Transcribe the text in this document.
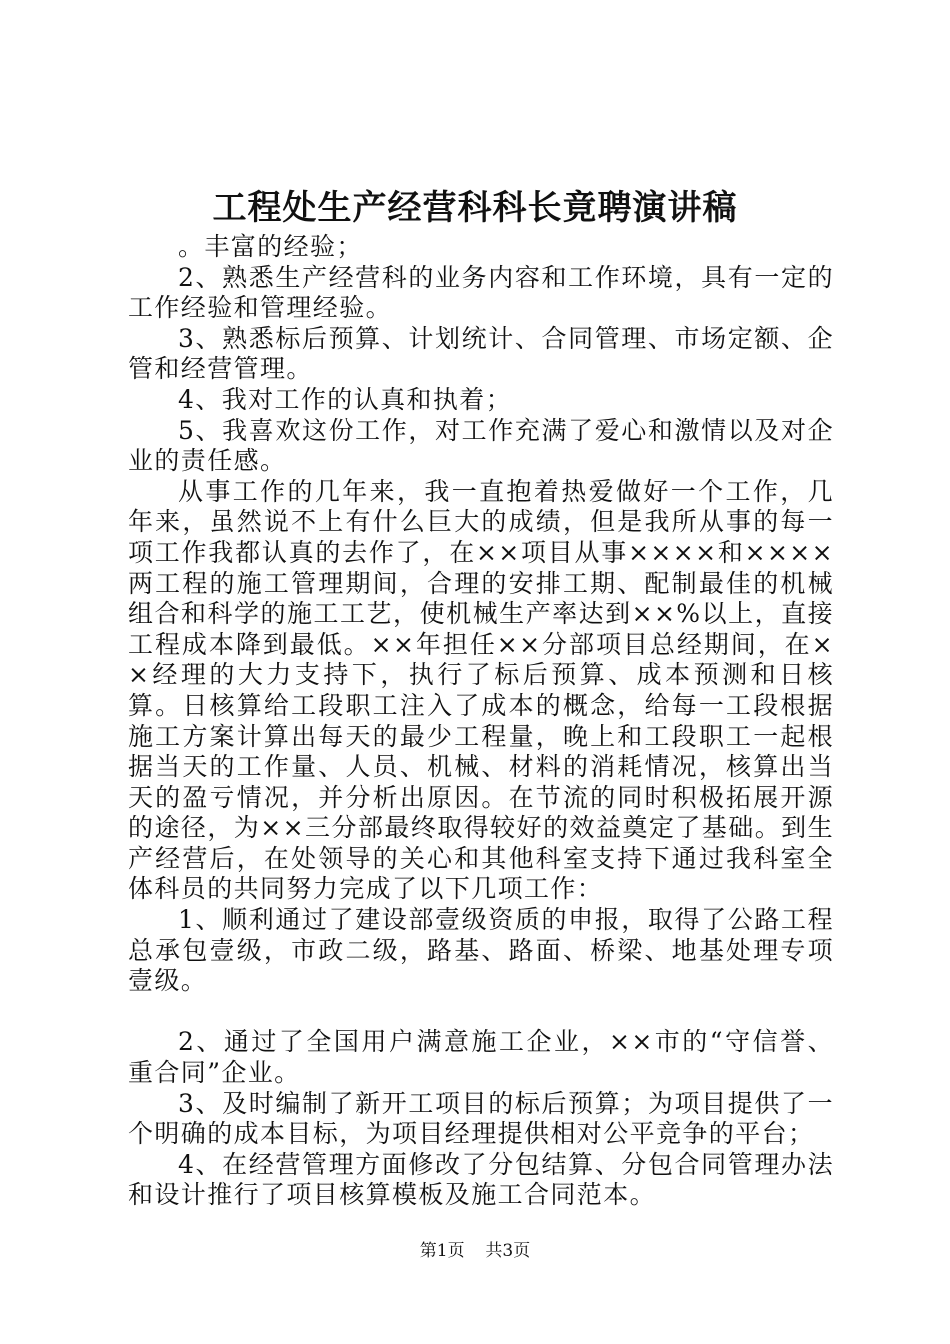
工程处生产经营科科长竟聘演讲稿

。丰富的经验；

2、熟悉生产经营科的业务内容和工作环境，具有一定的工作经验和管理经验。

3、熟悉标后预算、计划统计、合同管理、市场定额、企管和经营管理。

4、我对工作的认真和执着；

5、我喜欢这份工作，对工作充满了爱心和激情以及对企业的责任感。

从事工作的几年来，我一直抱着热爱做好一个工作，几年来，虽然说不上有什么巨大的成绩，但是我所从事的每一项工作我都认真的去作了，在××项目从事××××和××××两工程的施工管理期间，合理的安排工期、配制最佳的机械组合和科学的施工工艺，使机械生产率达到××%以上，直接工程成本降到最低。××年担任××分部项目总经期间，在××经理的大力支持下，执行了标后预算、成本预测和日核算。日核算给工段职工注入了成本的概念，给每一工段根据施工方案计算出每天的最少工程量，晚上和工段职工一起根据当天的工作量、人员、机械、材料的消耗情况，核算出当天的盈亏情况，并分析出原因。在节流的同时积极拓展开源的途径，为××三分部最终取得较好的效益奠定了基础。到生产经营后，在处领导的关心和其他科室支持下通过我科室全体科员的共同努力完成了以下几项工作：

1、顺利通过了建设部壹级资质的申报，取得了公路工程总承包壹级，市政二级，路基、路面、桥梁、地基处理专项壹级。

2、通过了全国用户满意施工企业，××市的“守信誉、重合同”企业。

3、及时编制了新开工项目的标后预算；为项目提供了一个明确的成本目标，为项目经理提供相对公平竞争的平台；

4、在经营管理方面修改了分包结算、分包合同管理办法和设计推行了项目核算模板及施工合同范本。

第1页 共3页
